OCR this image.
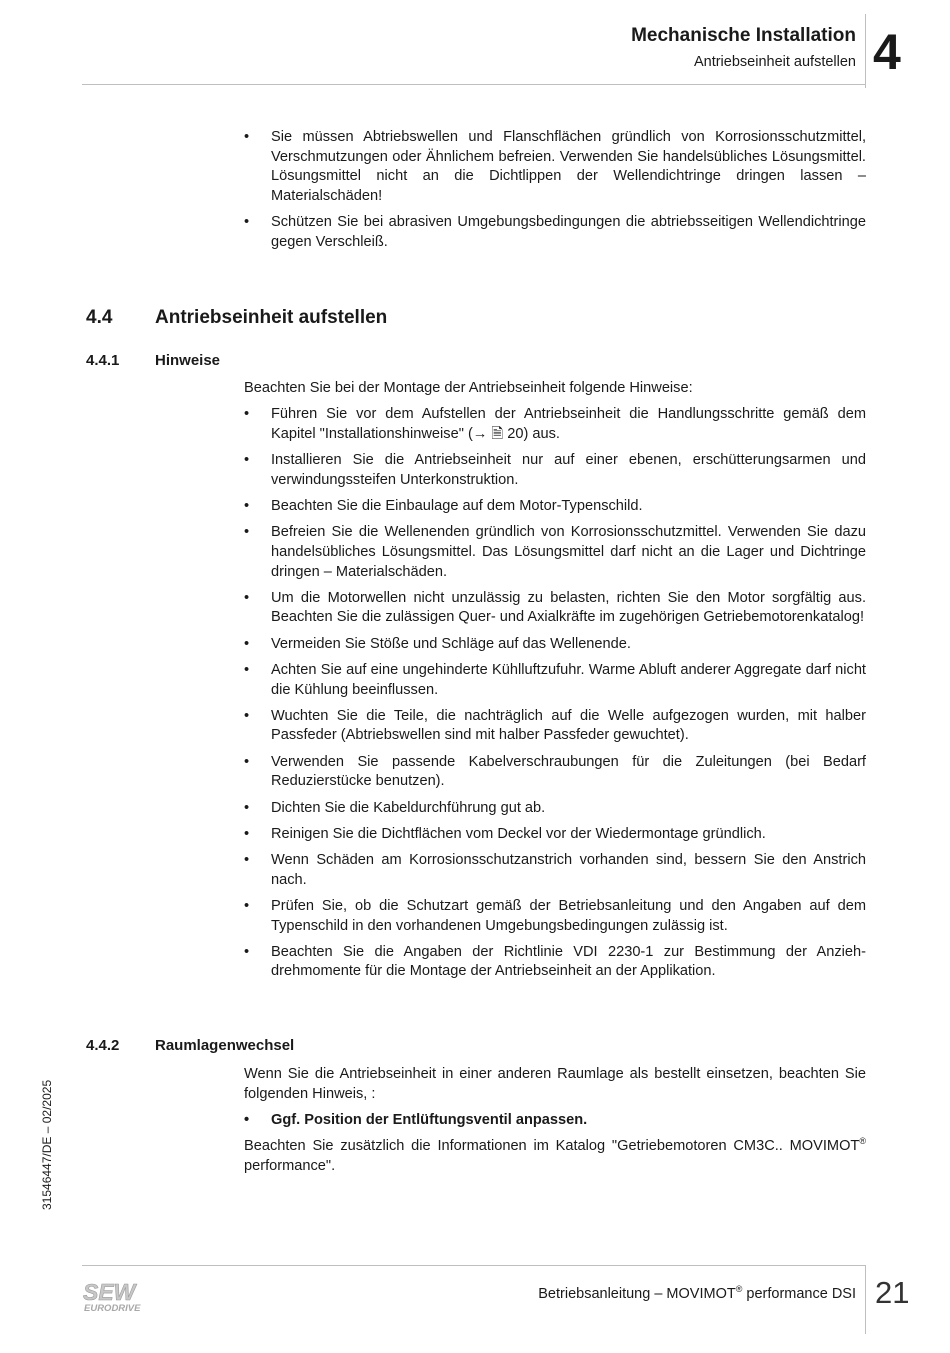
Mechanische Installation
Antriebseinheit aufstellen 4
• Sie müssen Abtriebswellen und Flanschflächen gründlich von Korrosionsschutzmittel, Verschmutzungen oder Ähnlichem befreien. Verwenden Sie handelsübliches Lösungsmittel. Lösungsmittel nicht an die Dichtlippen der Wellendichtringe dringen lassen – Materialschäden!
• Schützen Sie bei abrasiven Umgebungsbedingungen die abtriebsseitigen Wellendichtringe gegen Verschleiß.
4.4 Antriebseinheit aufstellen
4.4.1 Hinweise

Beachten Sie bei der Montage der Antriebseinheit folgende Hinweise:

• Führen Sie vor dem Aufstellen der Antriebseinheit die Handlungsschritte gemäß dem Kapitel "Installationshinweise" (→ 🗎 20) aus.
• Installieren Sie die Antriebseinheit nur auf einer ebenen, erschütterungsarmen und verwindungssteifen Unterkonstruktion.
• Beachten Sie die Einbaulage auf dem Motor-Typenschild.
• Befreien Sie die Wellenenden gründlich von Korrosionsschutzmittel. Verwenden Sie dazu handelsübliches Lösungsmittel. Das Lösungsmittel darf nicht an die Lager und Dichtringe dringen – Materialschäden.
• Um die Motorwellen nicht unzulässig zu belasten, richten Sie den Motor sorgfältig aus. Beachten Sie die zulässigen Quer- und Axialkräfte im zugehörigen Getriebemotorenkatalog!
• Vermeiden Sie Stöße und Schläge auf das Wellenende.
• Achten Sie auf eine ungehinderte Kühlluftzufuhr. Warme Abluft anderer Aggregate darf nicht die Kühlung beeinflussen.
• Wuchten Sie die Teile, die nachträglich auf die Welle aufgezogen wurden, mit halber Passfeder (Abtriebswellen sind mit halber Passfeder gewuchtet).
• Verwenden Sie passende Kabelverschraubungen für die Zuleitungen (bei Bedarf Reduzierstücke benutzen).
• Dichten Sie die Kabeldurchführung gut ab.
• Reinigen Sie die Dichtflächen vom Deckel vor der Wiedermontage gründlich.
• Wenn Schäden am Korrosionsschutzanstrich vorhanden sind, bessern Sie den Anstrich nach.
• Prüfen Sie, ob die Schutzart gemäß der Betriebsanleitung und den Angaben auf dem Typenschild in den vorhandenen Umgebungsbedingungen zulässig ist.
• Beachten Sie die Angaben der Richtlinie VDI 2230-1 zur Bestimmung der Anziehdrehmomente für die Montage der Antriebseinheit an der Applikation.
4.4.2 Raumlagenwechsel

Wenn Sie die Antriebseinheit in einer anderen Raumlage als bestellt einsetzen, beachten Sie folgenden Hinweis, :

• Ggf. Position der Entlüftungsventil anpassen.

Beachten Sie zusätzlich die Informationen im Katalog "Getriebemotoren CM3C.. MOVIMOT® performance".

31546447/DE – 02/2025
SEW
EURODRIVE
Betriebsanleitung – MOVIMOT® performance DSI 21
